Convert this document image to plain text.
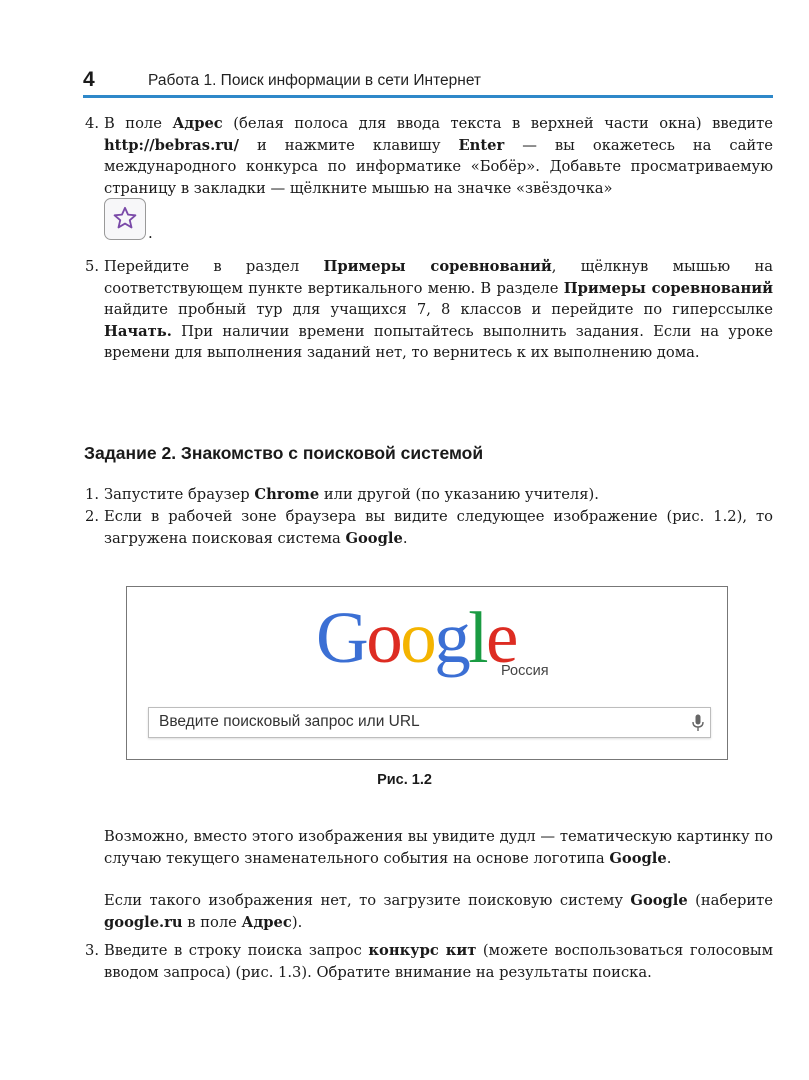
4	Работа 1. Поиск информации в сети Интернет
4. В поле Адрес (белая полоса для ввода текста в верхней части окна) введите http://bebras.ru/ и нажмите клавишу Enter — вы окажетесь на сайте международного конкурса по информатике «Бобёр». Добавьте просматриваемую страницу в закладки — щёлкните мышью на значке «звёздочка»
.
5. Перейдите в раздел Примеры соревнований, щёлкнув мышью на соответствующем пункте вертикального меню. В разделе Примеры соревнований найдите пробный тур для учащихся 7, 8 классов и перейдите по гиперссылке Начать. При наличии времени попытайтесь выполнить задания. Если на уроке времени для выполнения заданий нет, то вернитесь к их выполнению дома.
Задание 2. Знакомство с поисковой системой
1. Запустите браузер Chrome или другой (по указанию учителя).
2. Если в рабочей зоне браузера вы видите следующее изображение (рис. 1.2), то загружена поисковая система Google.
Google
Россия
Введите поисковый запрос или URL
Рис. 1.2
Возможно, вместо этого изображения вы увидите дудл — тематическую картинку по случаю текущего знаменательного события на основе логотипа Google.
Если такого изображения нет, то загрузите поисковую систему Google (наберите google.ru в поле Адрес).
3. Введите в строку поиска запрос конкурс кит (можете воспользоваться голосовым вводом запроса) (рис. 1.3). Обратите внимание на результаты поиска.
